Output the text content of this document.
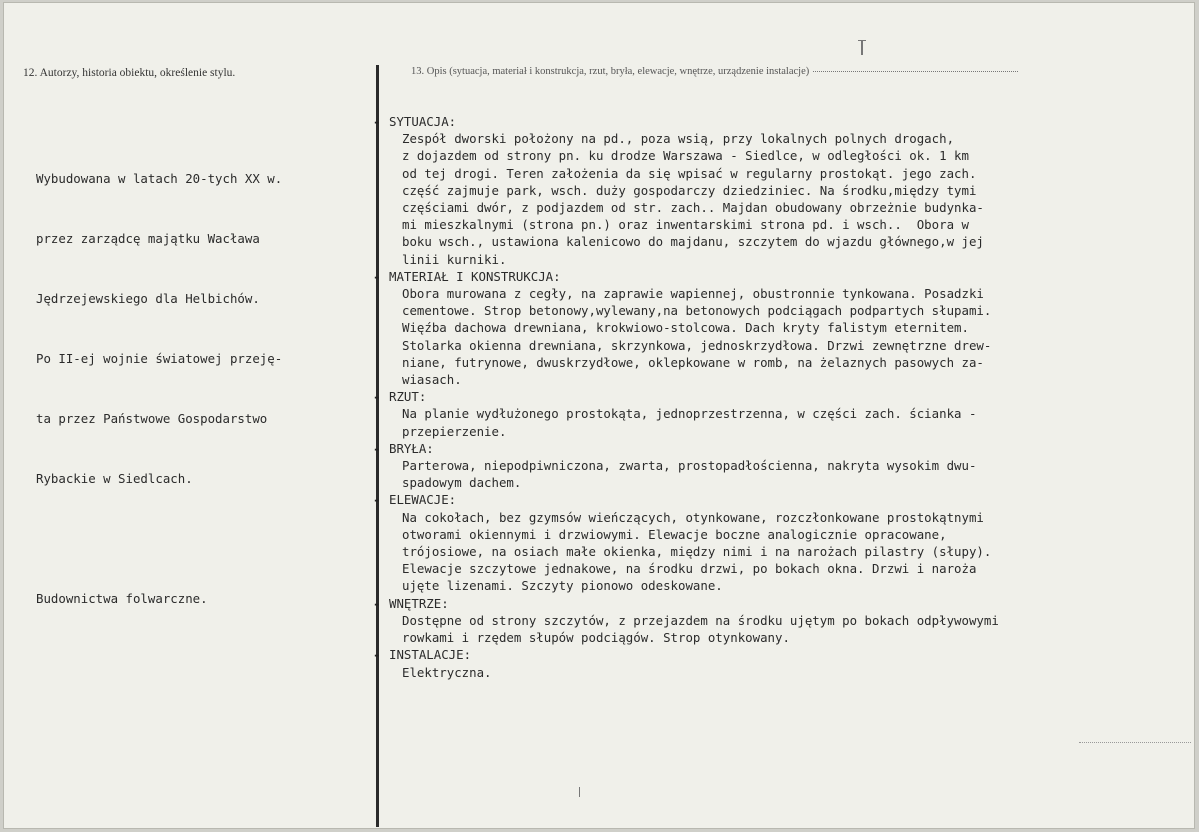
12. Autorzy, historia obiektu, określenie stylu.	13. Opis (sytuacja, materiał i konstrukcja, rzut, bryła, elewacje, wnętrze, urządzenie instalacje)

Wybudowana w latach 20-tych XX w.

przez zarządcę majątku Wacława

Jędrzejewskiego dla Helbichów.

Po II-ej wojnie światowej przeję-

ta przez Państwowe Gospodarstwo

Rybackie w Siedlcach.

Budownictwa folwarczne.

- SYTUACJA:
Zespół dworski położony na pd., poza wsią, przy lokalnych polnych drogach,
z dojazdem od strony pn. ku drodze Warszawa - Siedlce, w odległości ok. 1 km
od tej drogi. Teren założenia da się wpisać w regularny prostokąt. jego zach.
część zajmuje park, wsch. duży gospodarczy dziedziniec. Na środku,między tymi
częściami dwór, z podjazdem od str. zach.. Majdan obudowany obrzeżnie budynka-
mi mieszkalnymi (strona pn.) oraz inwentarskimi strona pd. i wsch..  Obora w
boku wsch., ustawiona kalenicowo do majdanu, szczytem do wjazdu głównego,w jej
linii kurniki.
- MATERIAŁ I KONSTRUKCJA:
Obora murowana z cegły, na zaprawie wapiennej, obustronnie tynkowana. Posadzki
cementowe. Strop betonowy,wylewany,na betonowych podciągach podpartych słupami.
Więźba dachowa drewniana, krokwiowo-stolcowa. Dach kryty falistym eternitem.
Stolarka okienna drewniana, skrzynkowa, jednoskrzydłowa. Drzwi zewnętrzne drew-
niane, futrynowe, dwuskrzydłowe, oklepkowane w romb, na żelaznych pasowych za-
wiasach.
- RZUT:
Na planie wydłużonego prostokąta, jednoprzestrzenna, w części zach. ścianka -
przepierzenie.
- BRYŁA:
Parterowa, niepodpiwniczona, zwarta, prostopadłościenna, nakryta wysokim dwu-
spadowym dachem.
- ELEWACJE:
Na cokołach, bez gzymsów wieńczących, otynkowane, rozczłonkowane prostokątnymi
otworami okiennymi i drzwiowymi. Elewacje boczne analogicznie opracowane,
trójosiowe, na osiach małe okienka, między nimi i na narożach pilastry (słupy).
Elewacje szczytowe jednakowe, na środku drzwi, po bokach okna. Drzwi i naroża
ujęte lizenami. Szczyty pionowo odeskowane.
- WNĘTRZE:
Dostępne od strony szczytów, z przejazdem na środku ujętym po bokach odpływowymi
rowkami i rzędem słupów podciągów. Strop otynkowany.
- INSTALACJE:
Elektryczna.
